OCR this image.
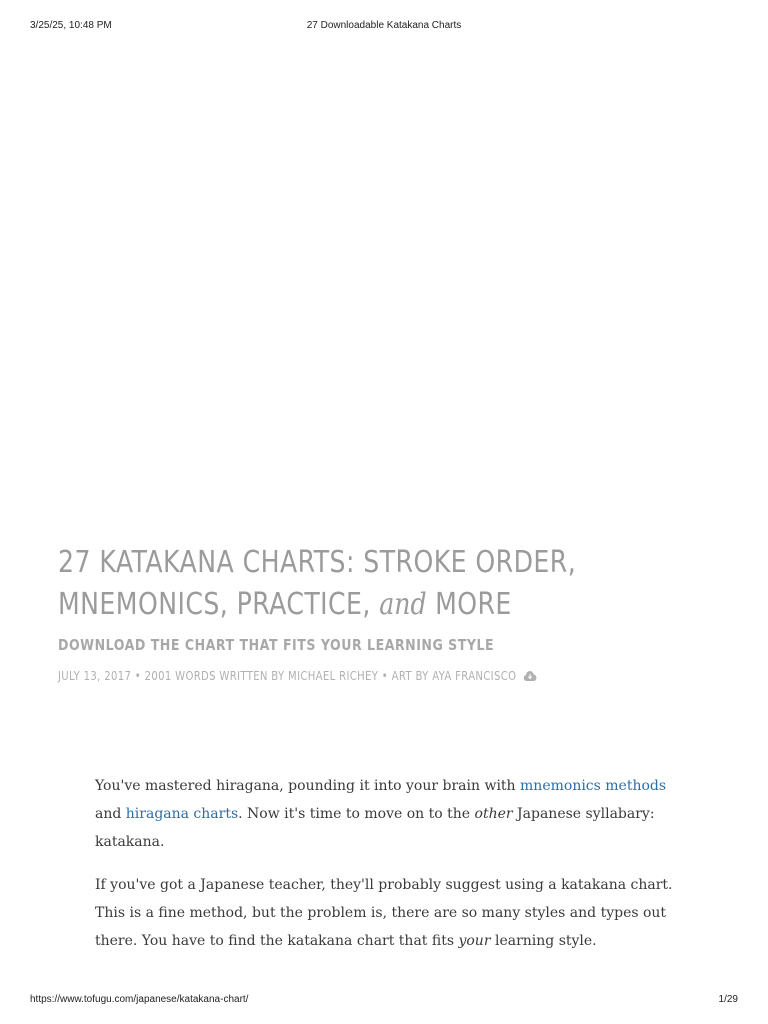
3/25/25, 10:48 PM	27 Downloadable Katakana Charts
27 KATAKANA CHARTS: STROKE ORDER,
MNEMONICS, PRACTICE, and MORE
DOWNLOAD THE CHART THAT FITS YOUR LEARNING STYLE
JULY 13, 2017 • 2001 WORDS WRITTEN BY MICHAEL RICHEY • ART BY AYA FRANCISCO

You've mastered hiragana, pounding it into your brain with mnemonics methods and hiragana charts. Now it's time to move on to the other Japanese syllabary: katakana.

If you've got a Japanese teacher, they'll probably suggest using a katakana chart. This is a fine method, but the problem is, there are so many styles and types out there. You have to find the katakana chart that fits your learning style.

https://www.tofugu.com/japanese/katakana-chart/	1/29
